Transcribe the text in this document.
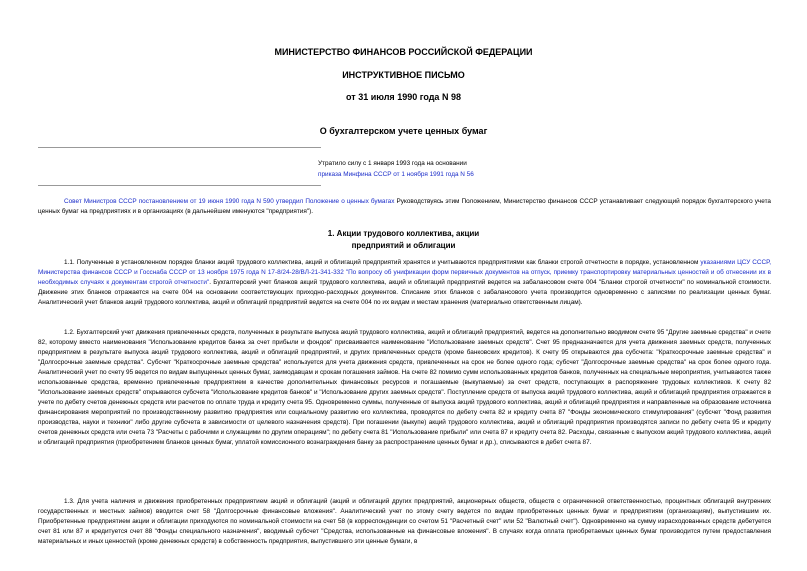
МИНИСТЕРСТВО ФИНАНСОВ РОССИЙСКОЙ ФЕДЕРАЦИИ
ИНСТРУКТИВНОЕ ПИСЬМО
от 31 июля 1990 года N 98
О бухгалтерском учете ценных бумаг
Утратило силу с 1 января 1993 года на основании
приказа Минфина СССР от 1 ноября 1991 года N 56
Совет Министров СССР постановлением от 19 июня 1990 года N 590 утвердил Положение о ценных бумагах Руководствуясь этим Положением, Министерство финансов СССР устанавливает следующий порядок бухгалтерского учета ценных бумаг на предприятиях и в организациях (в дальнейшем именуются "предприятия").
1. Акции трудового коллектива, акции
предприятий и облигации
1.1. Полученные в установленном порядке бланки акций трудового коллектива, акций и облигаций предприятий хранятся и учитываются предприятиями как бланки строгой отчетности в порядке, установленном указаниями ЦСУ СССР, Министерства финансов СССР и Госснаба СССР от 13 ноября 1975 года N 17-8/24-28/ВЛ-21-341-332 "По вопросу об унификации форм первичных документов на отпуск, приемку транспортировку материальных ценностей и об отнесении их в необходимых случаях к документам строгой отчетности". Бухгалтерский учет бланков акций трудового коллектива, акций и облигаций предприятий ведется на забалансовом счете 004 "Бланки строгой отчетности" по номинальной стоимости. Движение этих бланков отражается на счете 004 на основании соответствующих приходно-расходных документов. Списание этих бланков с забалансового учета производится одновременно с записями по реализации ценных бумаг. Аналитический учет бланков акций трудового коллектива, акций и облигаций предприятий ведется на счете 004 по их видам и местам хранения (материально ответственным лицам).
1.2. Бухгалтерский учет движения привлеченных средств, полученных в результате выпуска акций трудового коллектива, акций и облигаций предприятий, ведется на дополнительно вводимом счете 95 "Другие заемные средства" и счете 82, которому вместо наименования "Использование кредитов банка за счет прибыли и фондов" присваивается наименование "Использование заемных средств". Счет 95 предназначается для учета движения заемных средств, полученных предприятием в результате выпуска акций трудового коллектива, акций и облигаций предприятий, и других привлеченных средств (кроме банковских кредитов). К счету 95 открываются два субсчета: "Краткосрочные заемные средства" и "Долгосрочные заемные средства". Субсчет "Краткосрочные заемные средства" используется для учета движения средств, привлеченных на срок не более одного года; субсчет "Долгосрочные заемные средства" на срок более одного года. Аналитический учет по счету 95 ведется по видам выпущенных ценных бумаг, заимодавцам и срокам погашения займов. На счете 82 помимо сумм использованных кредитов банков, полученных на специальные мероприятия, учитываются также использованные средства, временно привлеченные предприятием в качестве дополнительных финансовых ресурсов и погашаемые (выкупаемые) за счет средств, поступающих в распоряжение трудовых коллективов. К счету 82 "Использование заемных средств" открываются субсчета "Использование кредитов банков" и "Использование других заемных средств". Поступление средств от выпуска акций трудового коллектива, акций и облигаций предприятия отражается в учете по дебету счетов денежных средств или расчетов по оплате труда и кредиту счета 95. Одновременно суммы, полученные от выпуска акций трудового коллектива, акций и облигаций предприятия и направленные на образование источника финансирования мероприятий по производственному развитию предприятия или социальному развитию его коллектива, проводятся по дебету счета 82 и кредиту счета 87 "Фонды экономического стимулирования" (субсчет "Фонд развития производства, науки и техники" либо другие субсчета в зависимости от целевого назначения средств). При погашении (выкупе) акций трудового коллектива, акций и облигаций предприятия производятся записи по дебету счета 95 и кредиту счетов денежных средств или счета 73 "Расчеты с рабочими и служащими по другим операциям"; по дебету счета 81 "Использование прибыли" или счета 87 и кредиту счета 82. Расходы, связанные с выпуском акций трудового коллектива, акций и облигаций предприятия (приобретением бланков ценных бумаг, уплатой комиссионного вознаграждения банку за распространение ценных бумаг и др.), списываются в дебет счета 87.
1.3. Для учета наличия и движения приобретенных предприятием акций и облигаций (акций и облигаций других предприятий, акционерных обществ, обществ с ограниченной ответственностью, процентных облигаций внутренних государственных и местных займов) вводится счет 58 "Долгосрочные финансовые вложения". Аналитический учет по этому счету ведется по видам приобретенных ценных бумаг и предприятиям (организациям), выпустившим их. Приобретенные предприятием акции и облигации приходуются по номинальной стоимости на счет 58 (в корреспонденции со счетом 51 "Расчетный счет" или 52 "Валютный счет"). Одновременно на сумму израсходованных средств дебетуется счет 81 или 87 и кредитуется счет 88 "Фонды специального назначения", вводимый субсчет "Средства, использованные на финансовые вложения". В случаях когда оплата приобретаемых ценных бумаг производится путем предоставления материальных и иных ценностей (кроме денежных средств) в собственность предприятия, выпустившего эти ценные бумаги, в
